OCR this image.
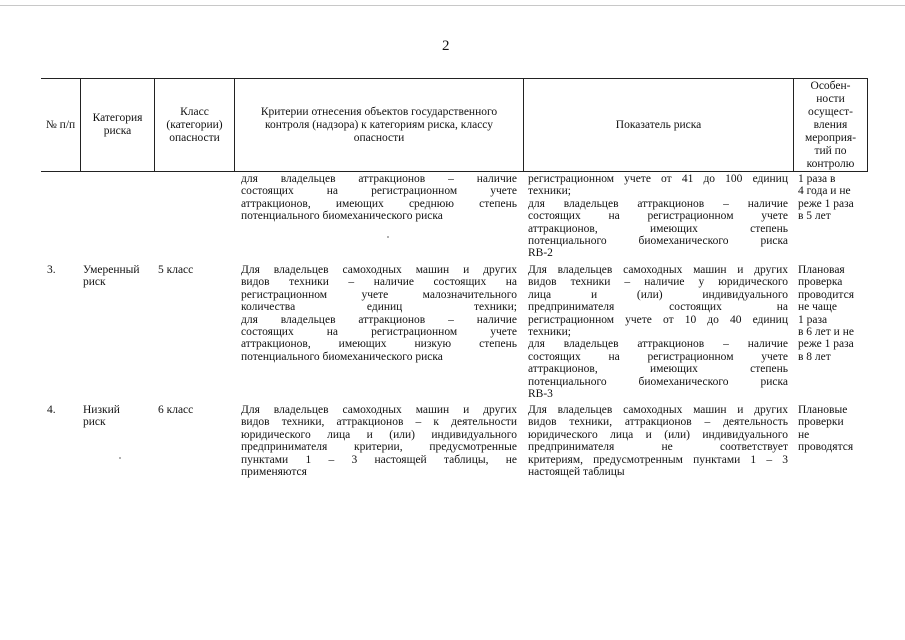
2
№ п/п
Категория риска
Класс (категории) опасности
Критерии отнесения объектов государственного контроля (надзора) к категориям риска, классу опасности
Показатель риска
Особен-ности осущест-вления мероприя-тий по контролю
для владельцев аттракционов – наличие
состоящих на регистрационном учете
аттракционов, имеющих среднюю степень
потенциального биомеханического риска
регистрационном учете от 41 до 100 единиц
техники;
для владельцев аттракционов – наличие
состоящих на регистрационном учете
аттракционов, имеющих степень
потенциального биомеханического риска
RB-2
1 раза в
4 года и не
реже 1 раза
в 5 лет
3. Умеренный
риск
5 класс	Для владельцев самоходных машин и других
видов техники – наличие состоящих на
регистрационном учете малозначительного
количества единиц техники;
для владельцев аттракционов – наличие
состоящих на регистрационном учете
аттракционов, имеющих низкую степень
потенциального биомеханического риска
Для владельцев самоходных машин и других
видов техники – наличие у юридического
лица и (или) индивидуального
предпринимателя состоящих на
регистрационном учете от 10 до 40 единиц
техники;
для владельцев аттракционов – наличие
состоящих на регистрационном учете
аттракционов, имеющих степень
потенциального биомеханического риска
RB-3
Плановая
проверка
проводится
не чаще
1 раза
в 6 лет и не
реже 1 раза
в 8 лет
4. Низкий
риск
6 класс	Для владельцев самоходных машин и других
видов техники, аттракционов – к деятельности
юридического лица и (или) индивидуального
предпринимателя критерии, предусмотренные
пунктами 1 – 3 настоящей таблицы, не
применяются
Для владельцев самоходных машин и других
видов техники, аттракционов – деятельность
юридического лица и (или) индивидуального
предпринимателя не соответствует
критериям, предусмотренным пунктами 1 – 3
настоящей таблицы
Плановые
проверки
не
проводятся
